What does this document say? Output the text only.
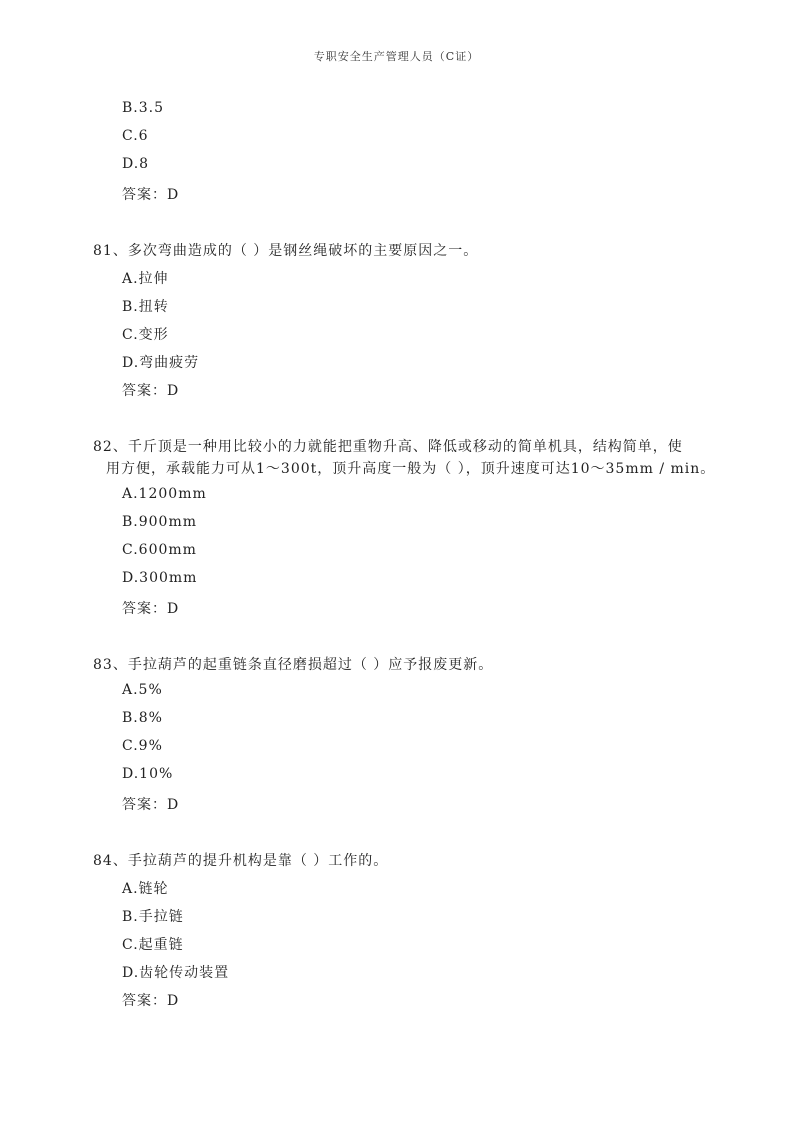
专职安全生产管理人员（C证）
B.3.5
C.6
D.8
答案：D
81、多次弯曲造成的（ ）是钢丝绳破坏的主要原因之一。
A.拉伸
B.扭转
C.变形
D.弯曲疲劳
答案：D
82、千斤顶是一种用比较小的力就能把重物升高、降低或移动的简单机具，结构简单，使
用方便，承载能力可从1～300t，顶升高度一般为（ ），顶升速度可达10～35mm / min。
A.1200mm
B.900mm
C.600mm
D.300mm
答案：D
83、手拉葫芦的起重链条直径磨损超过（ ）应予报废更新。
A.5%
B.8%
C.9%
D.10%
答案：D
84、手拉葫芦的提升机构是靠（ ）工作的。
A.链轮
B.手拉链
C.起重链
D.齿轮传动装置
答案：D
